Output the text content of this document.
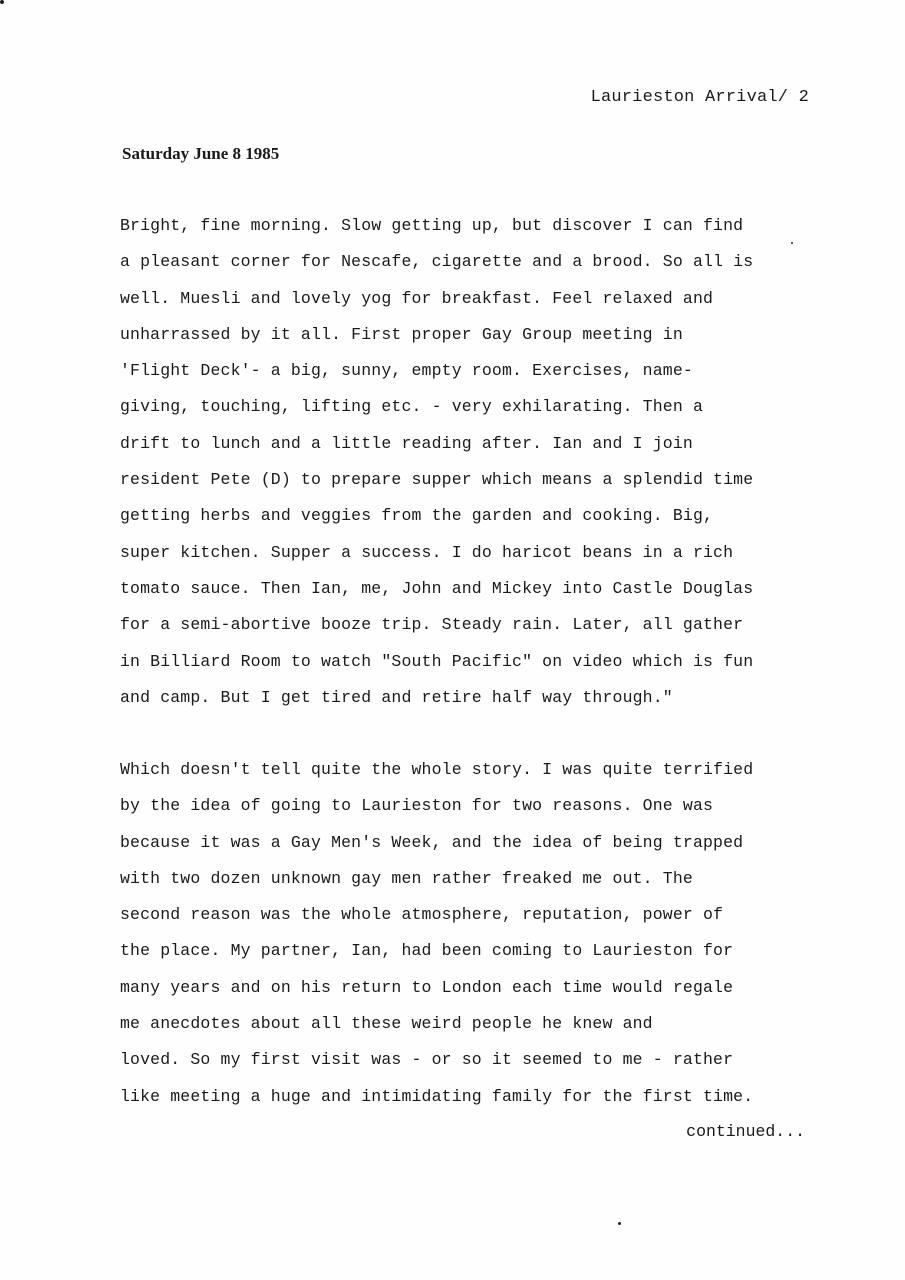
Laurieston Arrival/ 2
Saturday June 8 1985
Bright, fine morning. Slow getting up, but discover I can find
a pleasant corner for Nescafe, cigarette and a brood. So all is
well. Muesli and lovely yog for breakfast. Feel relaxed and
unharrassed by it all. First proper Gay Group meeting in
'Flight Deck'- a big, sunny, empty room. Exercises, name-
giving, touching, lifting etc. - very exhilarating. Then a
drift to lunch and a little reading after. Ian and I join
resident Pete (D) to prepare supper which means a splendid time
getting herbs and veggies from the garden and cooking. Big,
super kitchen. Supper a success. I do haricot beans in a rich
tomato sauce. Then Ian, me, John and Mickey into Castle Douglas
for a semi-abortive booze trip. Steady rain. Later, all gather
in Billiard Room to watch "South Pacific" on video which is fun
and camp. But I get tired and retire half way through."
Which doesn't tell quite the whole story. I was quite terrified
by the idea of going to Laurieston for two reasons. One was
because it was a Gay Men's Week, and the idea of being trapped
with two dozen unknown gay men rather freaked me out. The
second reason was the whole atmosphere, reputation, power of
the place. My partner, Ian, had been coming to Laurieston for
many years and on his return to London each time would regale
me anecdotes about all these weird people he knew and
loved. So my first visit was - or so it seemed to me - rather
like meeting a huge and intimidating family for the first time.
continued...
